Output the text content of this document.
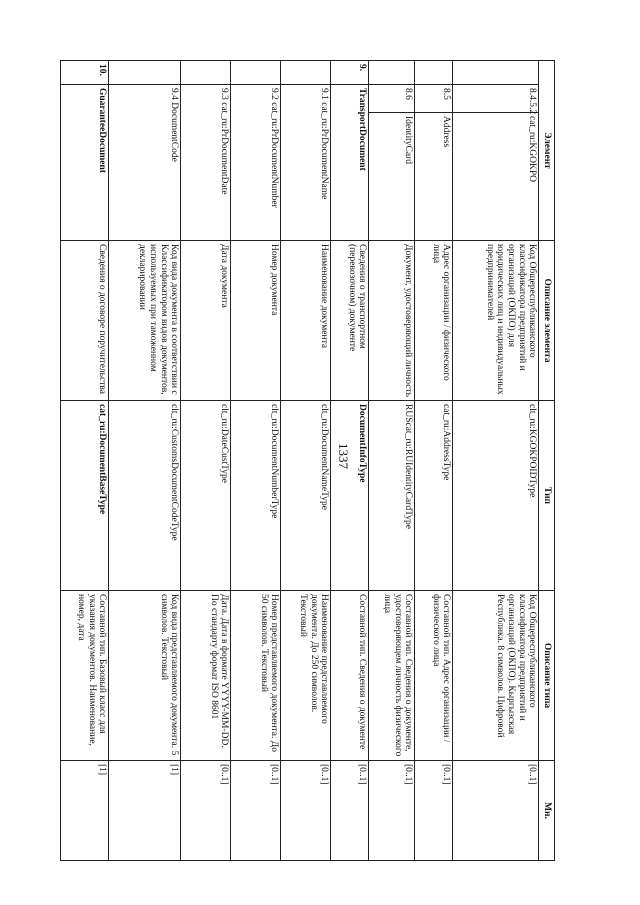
1337
Элемент			Описание элемента	Тип	Описание типа	Мн.
	8.4.5.2	cat_ru:KGOKPO	Код Общереспубликанского классификатора предприятий и организаций (ОКПО) для юридических лиц и индивидуальных предпринимателей	clt_ru:KGOKPOIDType	Код Общереспубликанского классификатора предприятий и организаций (ОКПО). Кыргызская Республика. 8 символов. Цифровой	[0..1]
	8.5	Address	Адрес организации / физического лица	cat_ru:AddressType	Составной тип. Адрес организации / физического лица	[0..1]
	8.6	IdentityCard	Документ, удостоверяющий личность	RUScat_ru:RUIdentityCardType	Составной тип. Сведения о документе, удостоверяющем личность физического лица	[0..1]
9.	TransportDocument		Сведения о транспортном (перевозочном) документе	DocumentInfoType	Составной тип. Сведения о документе	[0..1]
	9.1 cat_ru:PrDocumentName		Наименование документа	clt_ru:DocumentNameType	Наименование представляемого документа. До 250 символов. Текстовый	[0..1]
	9.2 cat_ru:PrDocumentNumber		Номер документа	clt_ru:DocumentNumberType	Номер представляемого документа. До 50 символов. Текстовый	[0..1]
	9.3 cat_ru:PrDocumentDate		Дата документа	clt_ru:DateCustType	Дата. Дата в формате YYYY-MM-DD. По стандарту формат ISO 8601	[0..1]
	9.4 DocumentCode		Код вида документа в соответствии с Классификатором видов документов, используемых при таможенном декларировании	clt_ru:CustomsDocumentCodeType	Код вида представляемого документа. 5 символов. Текстовый	[1]
10.	GuaranteeDocument		Сведения о договоре поручительства	cat_ru:DocumentBaseType	Составной тип. Базовый класс для указания документов. Наименование, номер, дата	[1]
